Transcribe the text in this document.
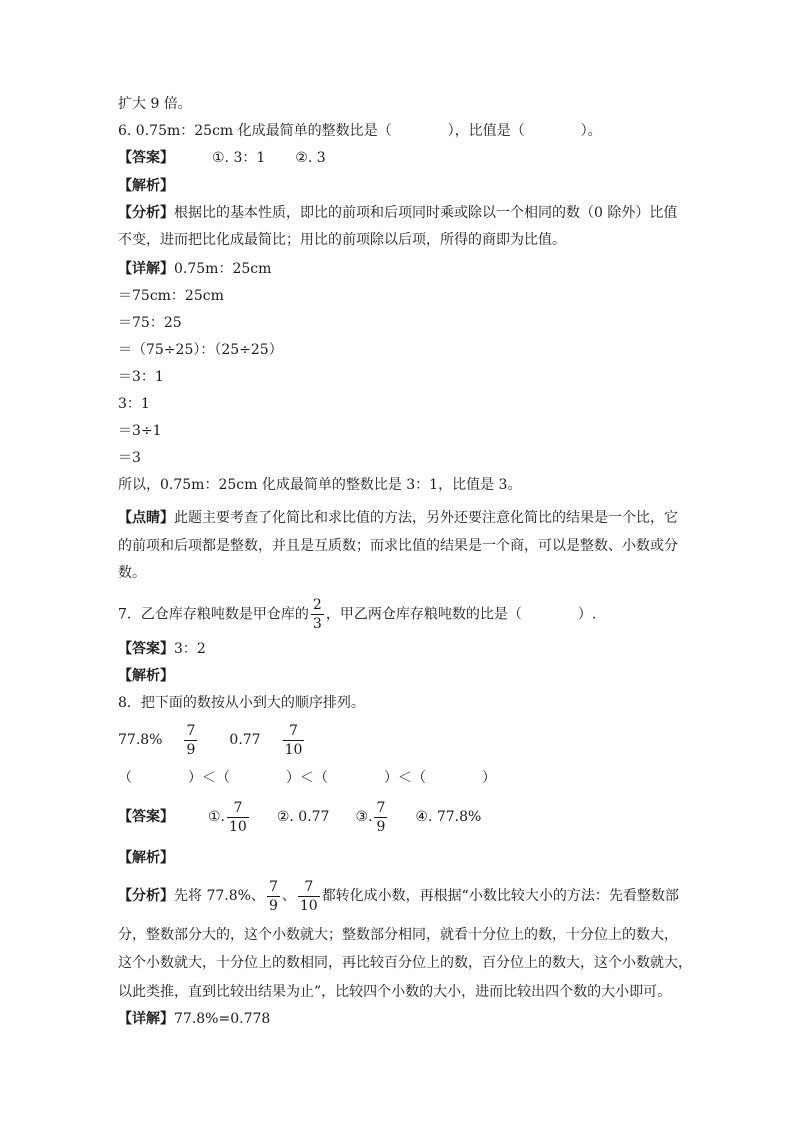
扩大 9 倍。
6. 0.75m：25cm 化成最简单的整数比是（　　　　），比值是（　　　　）。
【答案】	①. 3：1 ②. 3
【解析】
【分析】根据比的基本性质，即比的前项和后项同时乘或除以一个相同的数（0 除外）比值
不变，进而把比化成最简比；用比的前项除以后项，所得的商即为比值。
【详解】0.75m：25cm
＝75cm：25cm
＝75：25
＝（75÷25）：（25÷25）
＝3：1
3：1
＝3÷1
＝3
所以，0.75m：25cm 化成最简单的整数比是 3：1，比值是 3。
【点睛】此题主要考查了化简比和求比值的方法，另外还要注意化简比的结果是一个比，它
的前项和后项都是整数，并且是互质数；而求比值的结果是一个商，可以是整数、小数或分
数。
7．乙仓库存粮吨数是甲仓库的 $\frac{2}{3}$ ，甲乙两仓库存粮吨数的比是（　　　　）.
【答案】3：2
【解析】
8．把下面的数按从小到大的顺序排列。
$77.8\% \frac{7}{9} 0.77 \frac{7}{10}$
（　　　　）＜（　　　　）＜（　　　　）＜（　　　　）
【答案】 ①. $\frac{7}{10}$ ②. 0.77 ③. $\frac{7}{9}$ ④. 77.8%
【解析】
【分析】先将 77.8%、 $\frac{7}{9}$ 、 $\frac{7}{10}$ 都转化成小数，再根据“小数比较大小的方法：先看整数部
分，整数部分大的，这个小数就大；整数部分相同，就看十分位上的数，十分位上的数大，
这个小数就大，十分位上的数相同，再比较百分位上的数，百分位上的数大，这个小数就大，
以此类推，直到比较出结果为止”，比较四个小数的大小，进而比较出四个数的大小即可。
【详解】77.8%=0.778
